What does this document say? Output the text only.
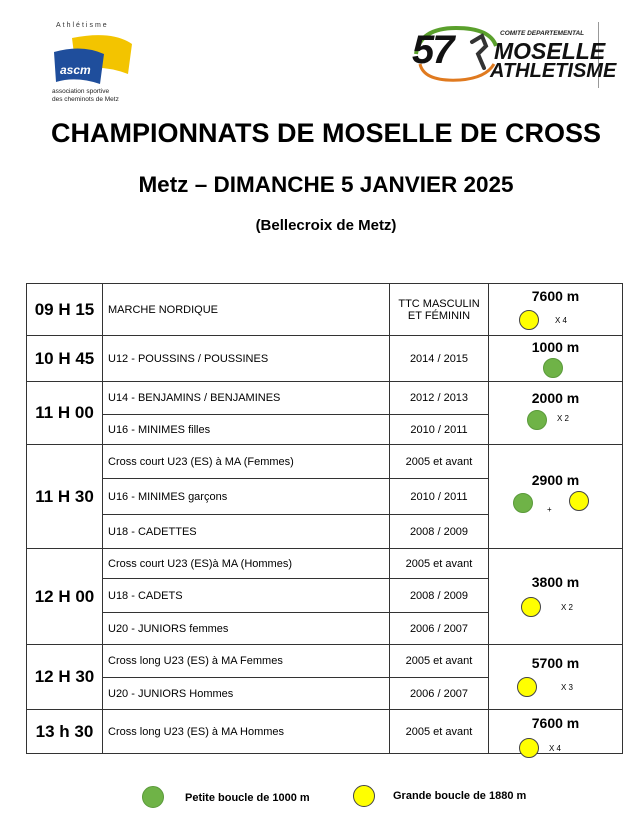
Athlétisme
ascm
association sportive
des cheminots de Metz
57	COMITE DEPARTEMENTAL
MOSELLE
ATHLETISME
CHAMPIONNATS DE MOSELLE DE CROSS
Metz – DIMANCHE 5 JANVIER 2025
(Bellecroix de Metz)
09 H 15	MARCHE NORDIQUE	TTC MASCULIN ET FÉMININ	7600 m
X 4

10 H 45	U12 - POUSSINS / POUSSINES	2014 / 2015	1000 m

11 H 00	U14 - BENJAMINS / BENJAMINES	2012 / 2013	2000 m
X 2

	U16 - MINIMES filles	2010 / 2011	
11 H 30	Cross court U23 (ES) à MA (Femmes)	2005 et avant	2900 m
+

	U16 - MINIMES garçons	2010 / 2011	
	U18 - CADETTES	2008 / 2009	
12 H 00	Cross court U23 (ES)à MA (Hommes)	2005 et avant	3800 m
X 2

	U18 - CADETS	2008 / 2009	
	U20 - JUNIORS femmes	2006 / 2007	
12 H 30	Cross long U23 (ES) à MA Femmes	2005 et avant	5700 m
X 3

	U20 - JUNIORS Hommes	2006 / 2007	
13 h 30	Cross long U23 (ES) à MA Hommes	2005 et avant	7600 m
X 4
Petite boucle de 1000 m	Grande boucle de 1880 m
